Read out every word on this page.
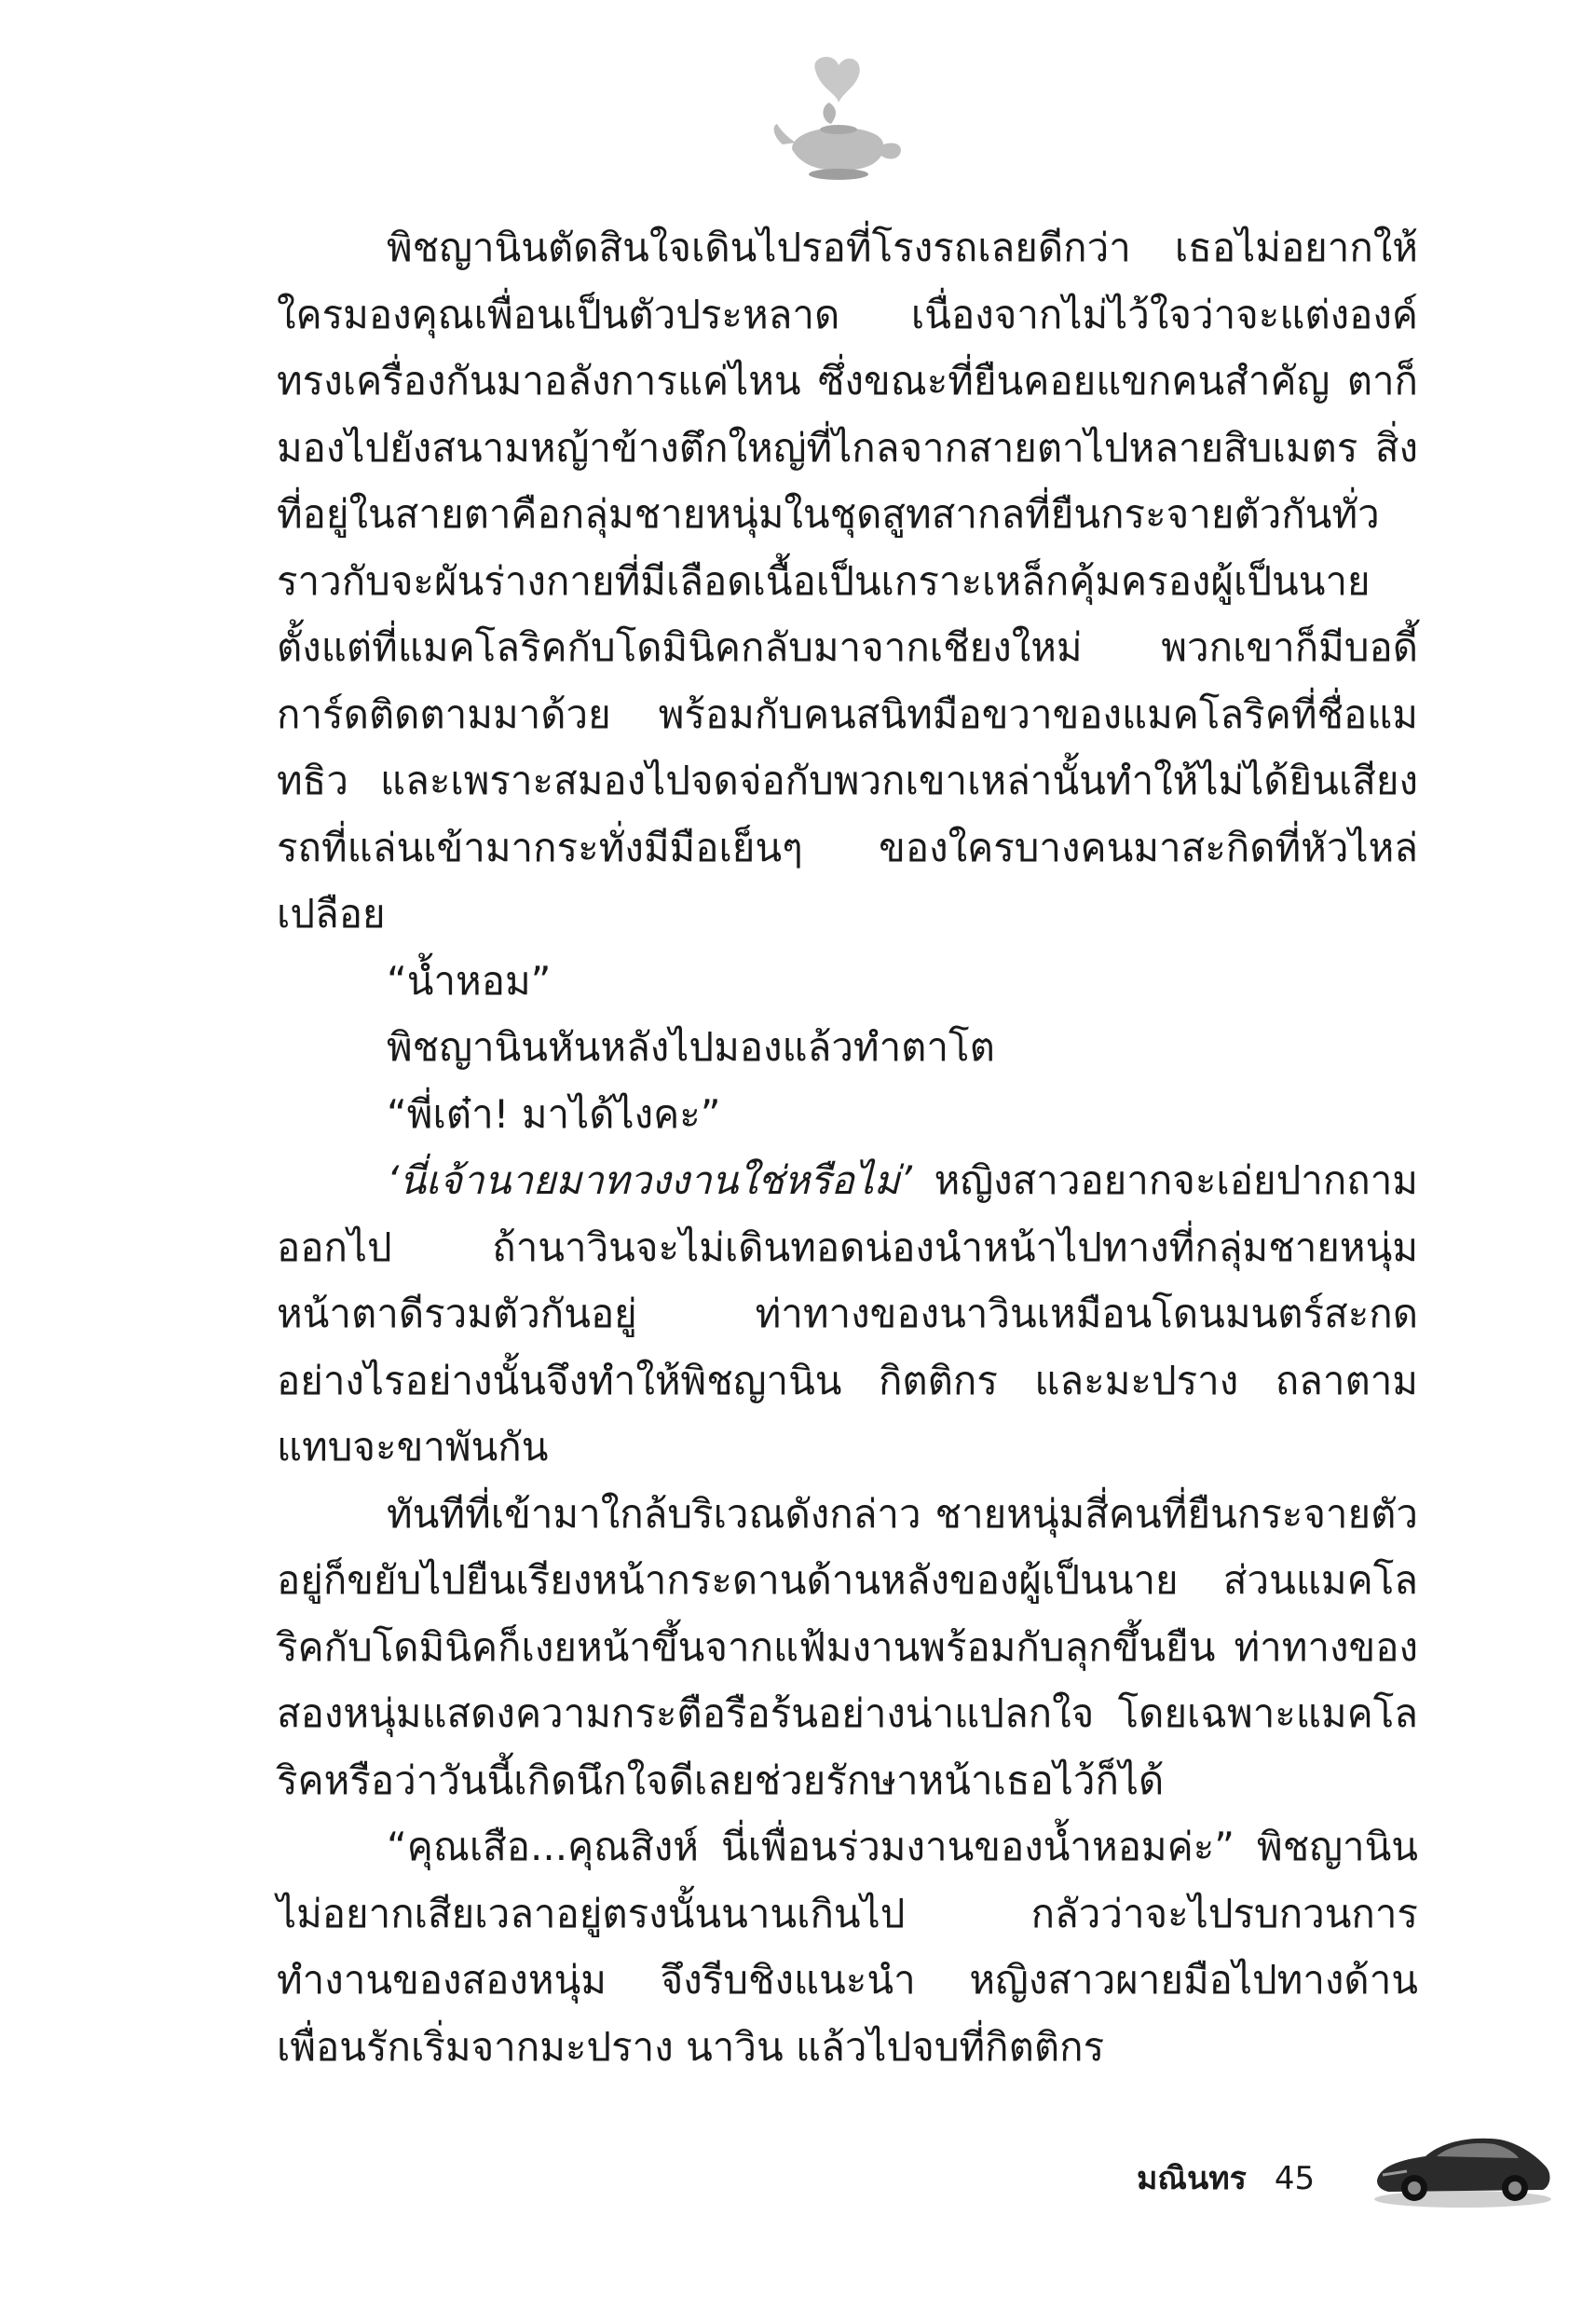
พิชญานินตัดสินใจเดินไปรอที่โรงรถเลยดีกว่า เธอไม่อยากให้ใครมองคุณเพื่อนเป็นตัวประหลาด เนื่องจากไม่ไว้ใจว่าจะแต่งองค์ทรงเครื่องกันมาอลังการแค่ไหน ซึ่งขณะที่ยืนคอยแขกคนสำคัญ ตาก็มองไปยังสนามหญ้าข้างตึกใหญ่ที่ไกลจากสายตาไปหลายสิบเมตร สิ่งที่อยู่ในสายตาคือกลุ่มชายหนุ่มในชุดสูทสากลที่ยืนกระจายตัวกันทั่วราวกับจะผันร่างกายที่มีเลือดเนื้อเป็นเกราะเหล็กคุ้มครองผู้เป็นนาย ตั้งแต่ที่แมคโลริคกับโดมินิคกลับมาจากเชียงใหม่ พวกเขาก็มีบอดี้การ์ดติดตามมาด้วย พร้อมกับคนสนิทมือขวาของแมคโลริคที่ชื่อแมทธิว และเพราะสมองไปจดจ่อกับพวกเขาเหล่านั้นทำให้ไม่ได้ยินเสียงรถที่แล่นเข้ามากระทั่งมีมือเย็นๆ ของใครบางคนมาสะกิดที่หัวไหล่เปลือย

“น้ำหอม”

พิชญานินหันหลังไปมองแล้วทำตาโต

“พี่เต๋า! มาได้ไงคะ”

‘นี่เจ้านายมาทวงงานใช่หรือไม่’ หญิงสาวอยากจะเอ่ยปากถามออกไป ถ้านาวินจะไม่เดินทอดน่องนำหน้าไปทางที่กลุ่มชายหนุ่มหน้าตาดีรวมตัวกันอยู่ ท่าทางของนาวินเหมือนโดนมนตร์สะกดอย่างไรอย่างนั้นจึงทำให้พิชญานิน กิตติกร และมะปราง ถลาตามแทบจะขาพันกัน

ทันทีที่เข้ามาใกล้บริเวณดังกล่าว ชายหนุ่มสี่คนที่ยืนกระจายตัวอยู่ก็ขยับไปยืนเรียงหน้ากระดานด้านหลังของผู้เป็นนาย ส่วนแมคโลริคกับโดมินิคก็เงยหน้าขึ้นจากแฟ้มงานพร้อมกับลุกขึ้นยืน ท่าทางของสองหนุ่มแสดงความกระตือรือร้นอย่างน่าแปลกใจ โดยเฉพาะแมคโลริคหรือว่าวันนี้เกิดนึกใจดีเลยช่วยรักษาหน้าเธอไว้ก็ได้

“คุณเสือ...คุณสิงห์ นี่เพื่อนร่วมงานของน้ำหอมค่ะ” พิชญานินไม่อยากเสียเวลาอยู่ตรงนั้นนานเกินไป กลัวว่าจะไปรบกวนการทำงานของสองหนุ่ม จึงรีบชิงแนะนำ หญิงสาวผายมือไปทางด้านเพื่อนรักเริ่มจากมะปราง นาวิน แล้วไปจบที่กิตติกร

มณินทร 45
